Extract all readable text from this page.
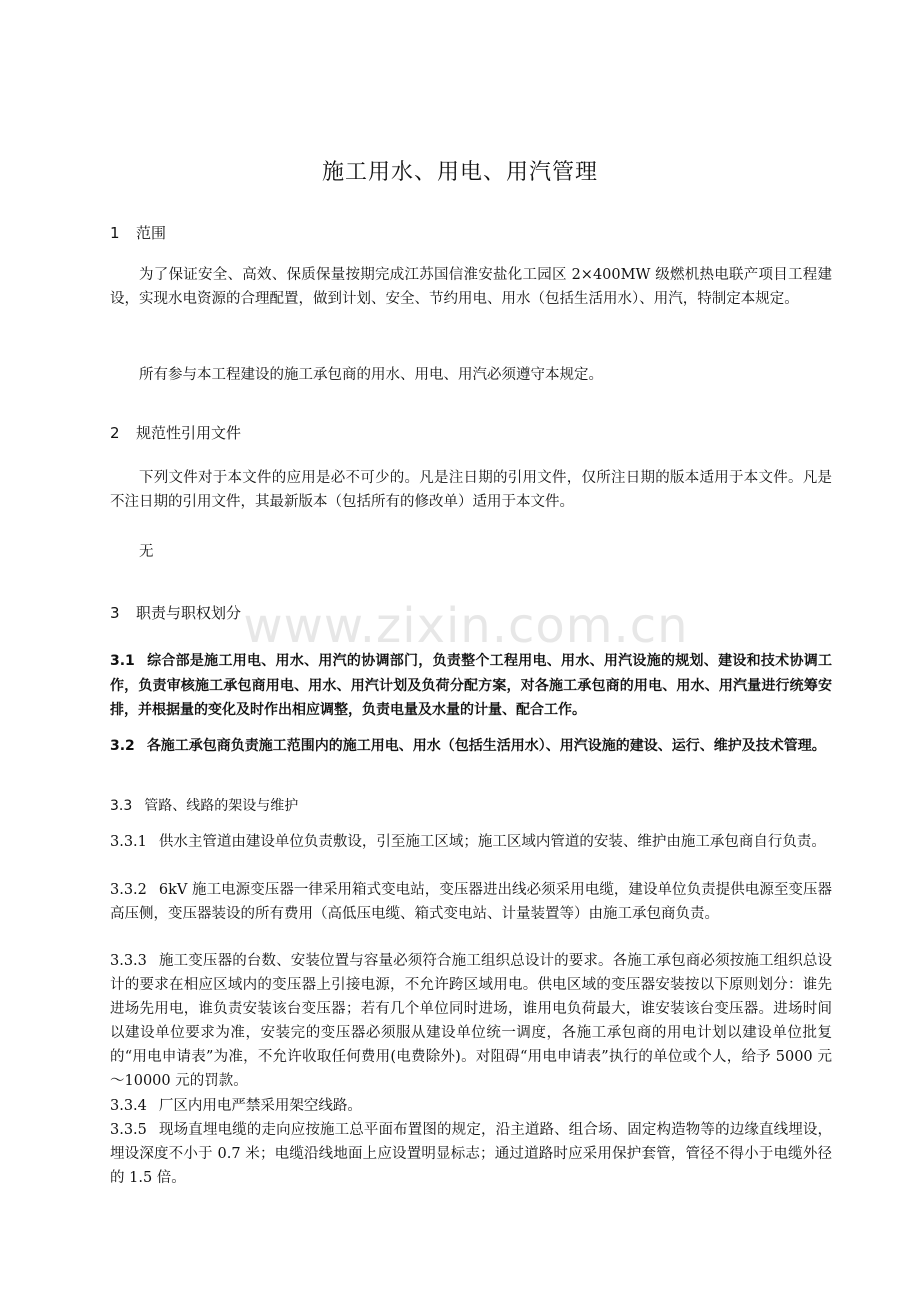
www.zixin.com.cn
施工用水、用电、用汽管理
1 范围
为了保证安全、高效、保质保量按期完成江苏国信淮安盐化工园区 2×400MW 级燃机热电联产项目工程建设，实现水电资源的合理配置，做到计划、安全、节约用电、用水（包括生活用水）、用汽，特制定本规定。
所有参与本工程建设的施工承包商的用水、用电、用汽必须遵守本规定。
2 规范性引用文件
下列文件对于本文件的应用是必不可少的。凡是注日期的引用文件，仅所注日期的版本适用于本文件。凡是不注日期的引用文件，其最新版本（包括所有的修改单）适用于本文件。
无
3 职责与职权划分
3.1 综合部是施工用电、用水、用汽的协调部门，负责整个工程用电、用水、用汽设施的规划、建设和技术协调工作，负责审核施工承包商用电、用水、用汽计划及负荷分配方案，对各施工承包商的用电、用水、用汽量进行统筹安排，并根据量的变化及时作出相应调整，负责电量及水量的计量、配合工作。
3.2 各施工承包商负责施工范围内的施工用电、用水（包括生活用水）、用汽设施的建设、运行、维护及技术管理。
3.3 管路、线路的架设与维护
3.3.1 供水主管道由建设单位负责敷设，引至施工区域；施工区域内管道的安装、维护由施工承包商自行负责。
3.3.2 6kV 施工电源变压器一律采用箱式变电站，变压器进出线必须采用电缆，建设单位负责提供电源至变压器高压侧，变压器装设的所有费用（高低压电缆、箱式变电站、计量装置等）由施工承包商负责。
3.3.3 施工变压器的台数、安装位置与容量必须符合施工组织总设计的要求。各施工承包商必须按施工组织总设计的要求在相应区域内的变压器上引接电源，不允许跨区域用电。供电区域的变压器安装按以下原则划分：谁先进场先用电，谁负责安装该台变压器；若有几个单位同时进场，谁用电负荷最大，谁安装该台变压器。进场时间以建设单位要求为准，安装完的变压器必须服从建设单位统一调度，各施工承包商的用电计划以建设单位批复的“用电申请表”为准，不允许收取任何费用(电费除外)。对阻碍“用电申请表”执行的单位或个人，给予 5000 元～10000 元的罚款。
3.3.4 厂区内用电严禁采用架空线路。
3.3.5 现场直埋电缆的走向应按施工总平面布置图的规定，沿主道路、组合场、固定构造物等的边缘直线埋设，埋设深度不小于 0.7 米；电缆沿线地面上应设置明显标志；通过道路时应采用保护套管，管径不得小于电缆外径的 1.5 倍。
